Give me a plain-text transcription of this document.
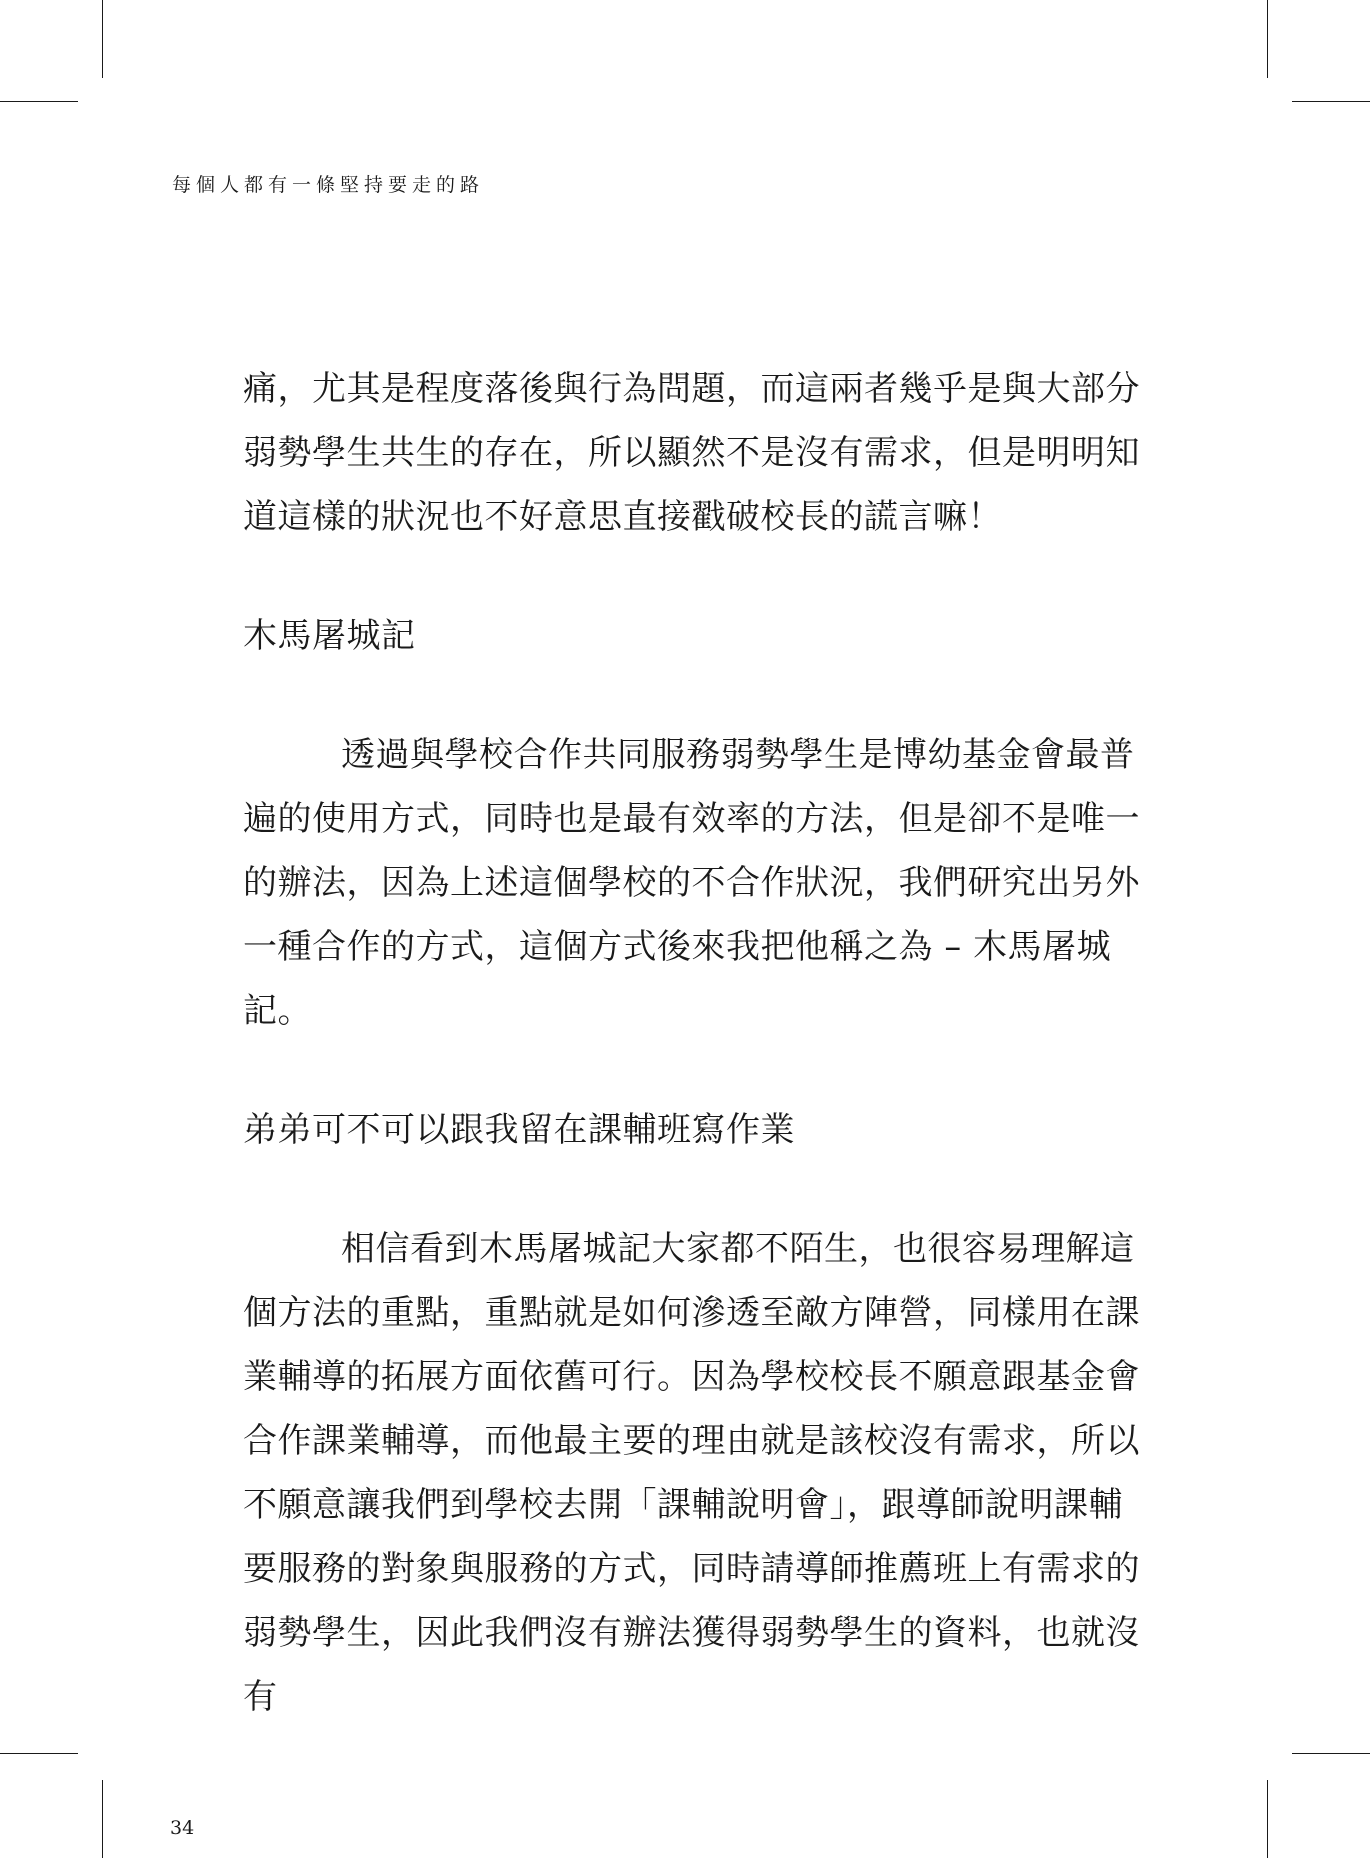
每個人都有一條堅持要走的路
痛，尤其是程度落後與行為問題，而這兩者幾乎是與大部分
弱勢學生共生的存在，所以顯然不是沒有需求，但是明明知
道這樣的狀況也不好意思直接戳破校長的謊言嘛！
木馬屠城記
透過與學校合作共同服務弱勢學生是博幼基金會最普
遍的使用方式，同時也是最有效率的方法，但是卻不是唯一
的辦法，因為上述這個學校的不合作狀況，我們研究出另外
一種合作的方式，這個方式後來我把他稱之為 – 木馬屠城
記。
弟弟可不可以跟我留在課輔班寫作業
相信看到木馬屠城記大家都不陌生，也很容易理解這
個方法的重點，重點就是如何滲透至敵方陣營，同樣用在課
業輔導的拓展方面依舊可行。因為學校校長不願意跟基金會
合作課業輔導，而他最主要的理由就是該校沒有需求，所以
不願意讓我們到學校去開「課輔說明會」，跟導師說明課輔
要服務的對象與服務的方式，同時請導師推薦班上有需求的
弱勢學生，因此我們沒有辦法獲得弱勢學生的資料，也就沒
有
34
